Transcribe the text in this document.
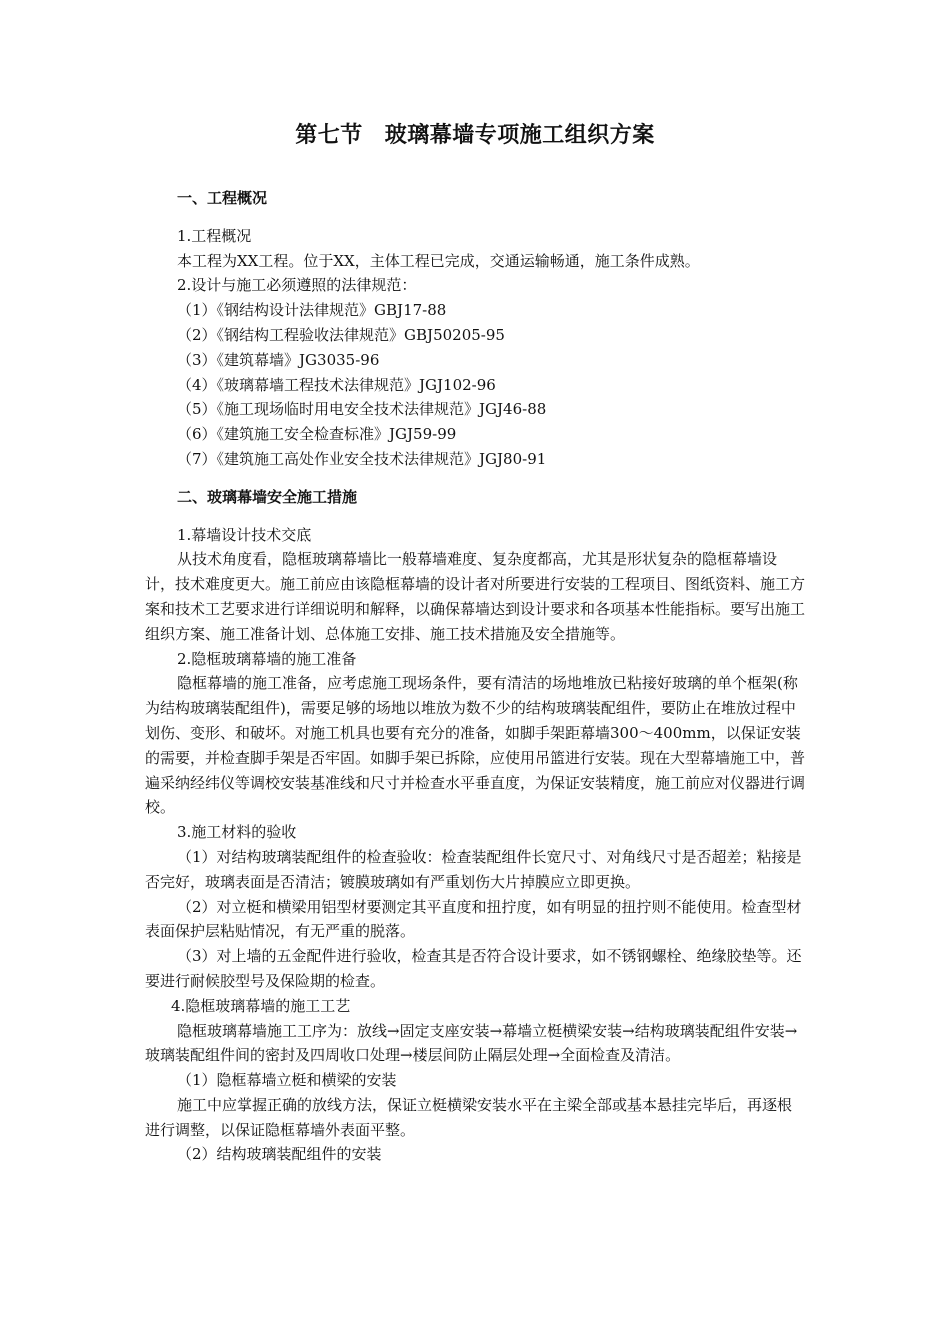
第七节 玻璃幕墙专项施工组织方案

一、工程概况

1.工程概况

本工程为XX工程。位于XX，主体工程已完成，交通运输畅通，施工条件成熟。

2.设计与施工必须遵照的法律规范：

（1）《钢结构设计法律规范》GBJ17-88

（2）《钢结构工程验收法律规范》GBJ50205-95

（3）《建筑幕墙》JG3035-96

（4）《玻璃幕墙工程技术法律规范》JGJ102-96

（5）《施工现场临时用电安全技术法律规范》JGJ46-88

（6）《建筑施工安全检查标准》JGJ59-99

（7）《建筑施工高处作业安全技术法律规范》JGJ80-91

二、玻璃幕墙安全施工措施

1.幕墙设计技术交底

从技术角度看，隐框玻璃幕墙比一般幕墙难度、复杂度都高，尤其是形状复杂的隐框幕墙设计，技术难度更大。施工前应由该隐框幕墙的设计者对所要进行安装的工程项目、图纸资料、施工方案和技术工艺要求进行详细说明和解释，以确保幕墙达到设计要求和各项基本性能指标。要写出施工组织方案、施工准备计划、总体施工安排、施工技术措施及安全措施等。

2.隐框玻璃幕墙的施工准备

隐框幕墙的施工准备，应考虑施工现场条件，要有清洁的场地堆放已粘接好玻璃的单个框架(称为结构玻璃装配组件)，需要足够的场地以堆放为数不少的结构玻璃装配组件，要防止在堆放过程中划伤、变形、和破坏。对施工机具也要有充分的准备，如脚手架距幕墙300～400mm，以保证安装的需要，并检查脚手架是否牢固。如脚手架已拆除，应使用吊篮进行安装。现在大型幕墙施工中，普遍采纳经纬仪等调校安装基准线和尺寸并检查水平垂直度，为保证安装精度，施工前应对仪器进行调校。

3.施工材料的验收

（1）对结构玻璃装配组件的检查验收：检查装配组件长宽尺寸、对角线尺寸是否超差；粘接是否完好，玻璃表面是否清洁；镀膜玻璃如有严重划伤大片掉膜应立即更换。

（2）对立梃和横梁用铝型材要测定其平直度和扭拧度，如有明显的扭拧则不能使用。检查型材表面保护层粘贴情况，有无严重的脱落。

（3）对上墙的五金配件进行验收，检查其是否符合设计要求，如不锈钢螺栓、绝缘胶垫等。还要进行耐候胶型号及保险期的检查。

4.隐框玻璃幕墙的施工工艺

隐框玻璃幕墙施工工序为：放线→固定支座安装→幕墙立梃横梁安装→结构玻璃装配组件安装→玻璃装配组件间的密封及四周收口处理→楼层间防止隔层处理→全面检查及清洁。

（1）隐框幕墙立梃和横梁的安装

施工中应掌握正确的放线方法，保证立梃横梁安装水平在主梁全部或基本悬挂完毕后，再逐根进行调整，以保证隐框幕墙外表面平整。

（2）结构玻璃装配组件的安装
